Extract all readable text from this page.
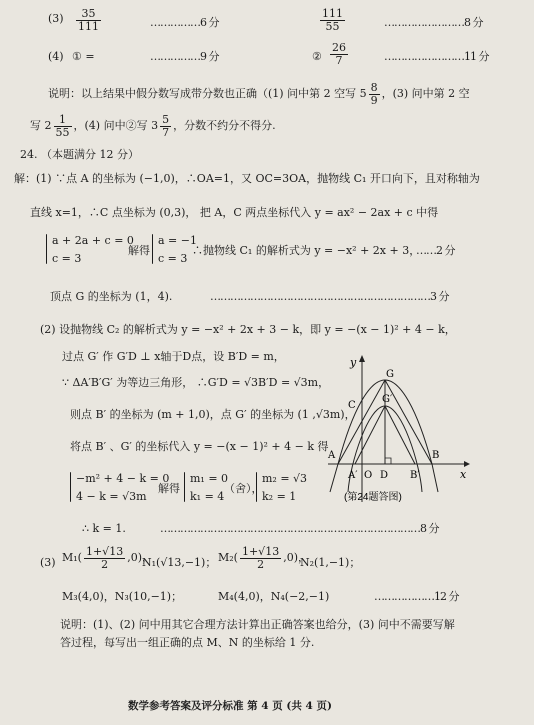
$(3) \frac{35}{111}$	……………6 分	$\frac{111}{55}$	……………………8 分
(4) ① =	……………9 分	② $\frac{26}{7}$	……………………11 分
说明：以上结果中假分数写成带分数也正确（(1) 问中第 2 空写 $5 \frac{8}{9}$ ，(3) 问中第 2 空
写 $2 \frac{1}{55}$ ，(4) 问中②写 $3 \frac{5}{7}$ ，分数不约分不得分.
24. （本题满分 12 分）
解：(1) ∵点 A 的坐标为 (−1,0)，∴OA=1，又 OC=3OA，抛物线 C₁ 开口向下，且对称轴为
直线 x=1，∴C 点坐标为 (0,3)， 把 A，C 两点坐标代入 y = ax² − 2ax + c 中得
a + 2a + c = 0
c = 3
解得
a = −1
c = 3
∴抛物线 C₁ 的解析式为 y = −x² + 2x + 3，
……2 分
顶点 G 的坐标为 (1，4).	…………………………………………………………3 分
(2) 设抛物线 C₂ 的解析式为 y = −x² + 2x + 3 − k，即 y = −(x − 1)² + 4 − k，
过点 G′ 作 G′D ⊥ x轴于D点，设 B′D = m，
∵ ΔA′B′G′ 为等边三角形， ∴G′D = √3B′D = √3m，
则点 B′ 的坐标为 (m + 1,0)，点 G′ 的坐标为 (1 ,√3m)，
将点 B′ 、G′ 的坐标代入 y = −(x − 1)² + 4 − k 得
−m² + 4 − k = 0
4 − k = √3m
解得
m₁ = 0
k₁ = 4
（舍），
m₂ = √3
k₂ = 1
∴ k = 1.	……………………………………………………………………8 分
(3) $M_1( \frac{1+√13}{2} ,0)$，
N₁(√13,−1)； $M_2( \frac{1+√13}{2} ,0)$，
N₂(1,−1)；
M₃(4,0)，N₃(10,−1)；	M₄(4,0)，N₄(−2,−1)	………………12 分
说明：(1)、(2) 问中用其它合理方法计算出正确答案也给分，(3) 问中不需要写解
答过程，每写出一组正确的点 M、N 的坐标给 1 分.
y
x
G
G′
C
A
A′ O D B′
B
(第24题答图)
数学参考答案及评分标准 第 4 页 (共 4 页)
